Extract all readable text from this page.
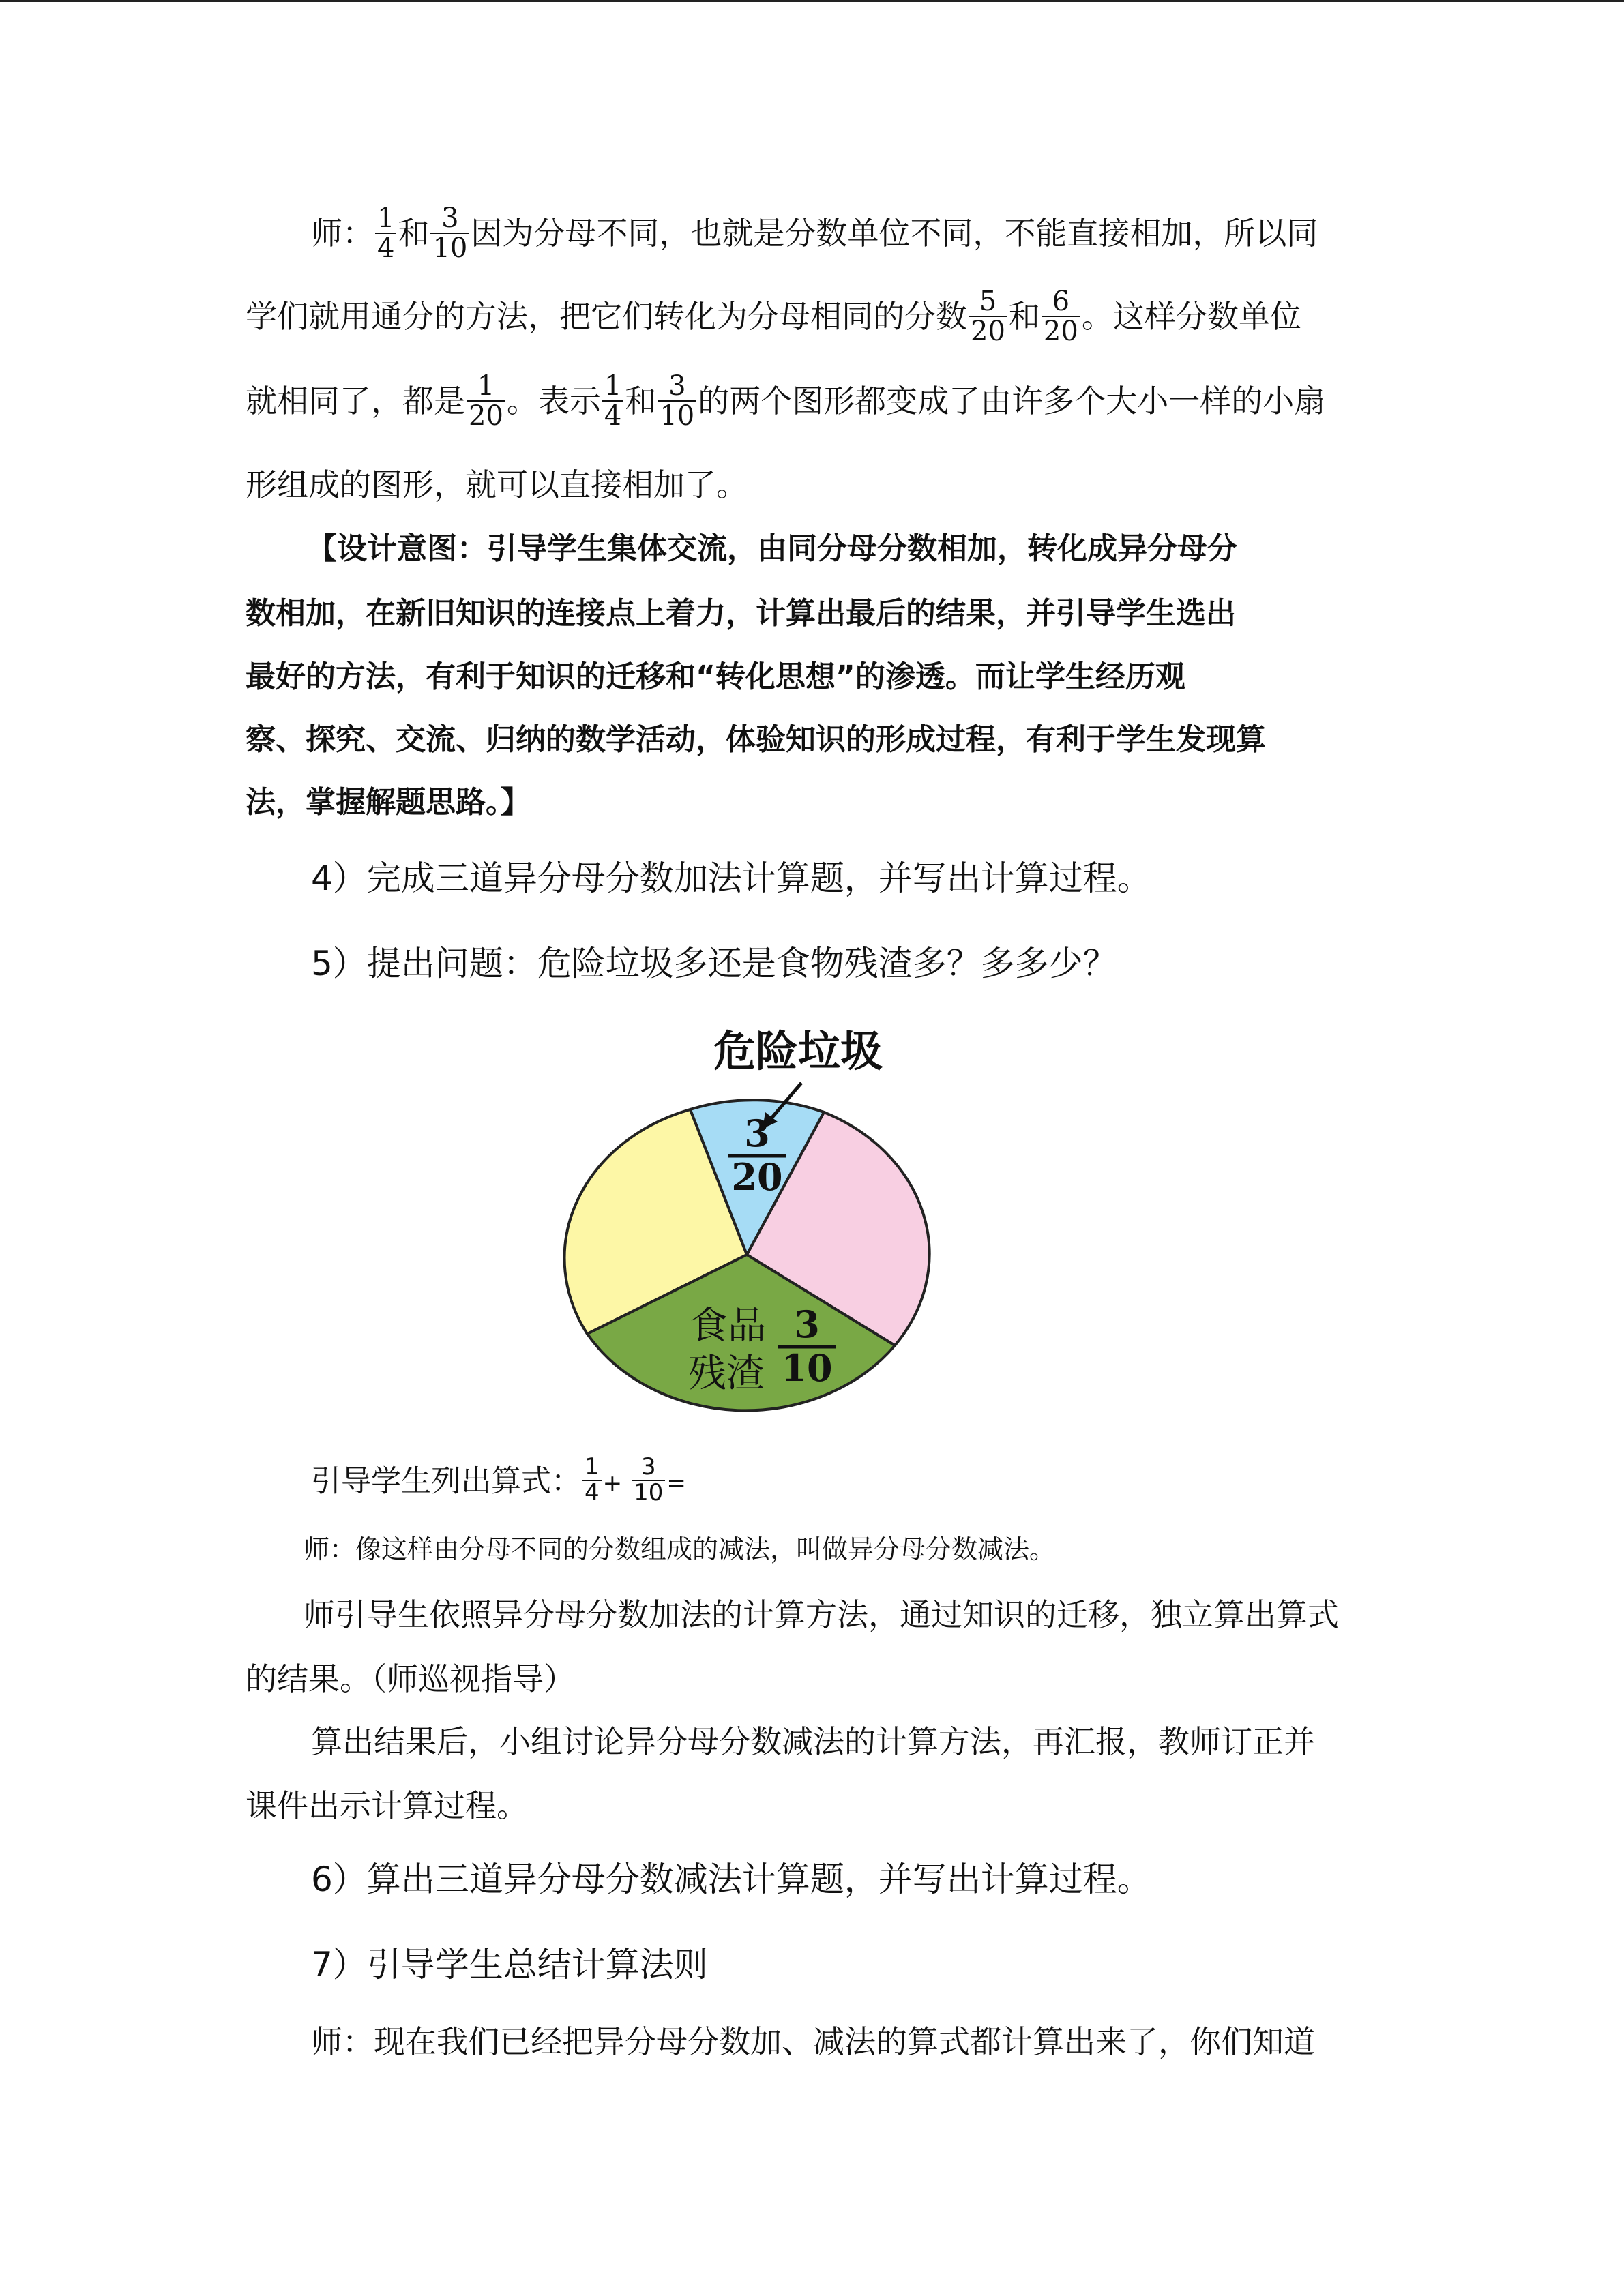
师： $\frac{1}{4}$ 和 $\frac{3}{10}$ 因为分母不同，也就是分数单位不同，不能直接相加，所以同
学们就用通分的方法，把它们转化为分母相同的分数 $\frac{5}{20}$ 和 $\frac{6}{20}$ 。这样分数单位
就相同了，都是 $\frac{1}{20}$ 。表示 $\frac{1}{4}$ 和 $\frac{3}{10}$ 的两个图形都变成了由许多个大小一样的小扇
形组成的图形，就可以直接相加了。
【设计意图：引导学生集体交流，由同分母分数相加，转化成异分母分
数相加，在新旧知识的连接点上着力，计算出最后的结果，并引导学生选出
最好的方法，有利于知识的迁移和“转化思想”的渗透。而让学生经历观
察、探究、交流、归纳的数学活动，体验知识的形成过程，有利于学生发现算
法，掌握解题思路。】
4）完成三道异分母分数加法计算题，并写出计算过程。
5）提出问题：危险垃圾多还是食物残渣多？多多少？
危险垃圾
3
20
食品
残渣
3
10
引导学生列出算式： $\frac{1}{4} + \frac{3}{10}$ =
师：像这样由分母不同的分数组成的减法，叫做异分母分数减法。
师引导生依照异分母分数加法的计算方法，通过知识的迁移，独立算出算式
的结果。（师巡视指导）
算出结果后，小组讨论异分母分数减法的计算方法，再汇报，教师订正并
课件出示计算过程。
6）算出三道异分母分数减法计算题，并写出计算过程。
7）引导学生总结计算法则
师：现在我们已经把异分母分数加、减法的算式都计算出来了，你们知道
